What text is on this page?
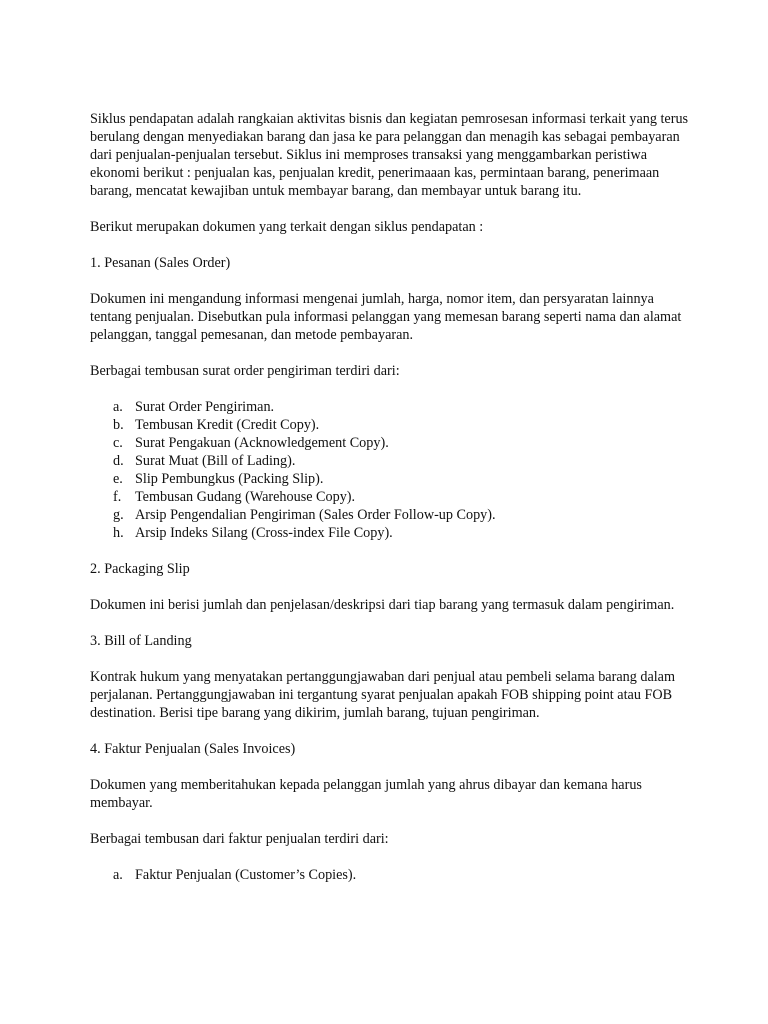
Siklus pendapatan adalah rangkaian aktivitas bisnis dan kegiatan pemrosesan informasi terkait yang terus berulang dengan menyediakan barang dan jasa ke para pelanggan dan menagih kas sebagai pembayaran dari penjualan-penjualan tersebut. Siklus ini memproses transaksi yang menggambarkan peristiwa ekonomi berikut : penjualan kas, penjualan kredit, penerimaaan kas, permintaan barang, penerimaan barang, mencatat kewajiban untuk membayar barang, dan membayar untuk barang itu.

Berikut merupakan dokumen yang terkait dengan siklus pendapatan :

1. Pesanan (Sales Order)

Dokumen ini mengandung informasi mengenai jumlah, harga, nomor item, dan persyaratan lainnya tentang penjualan. Disebutkan pula informasi pelanggan yang memesan barang seperti nama dan alamat pelanggan, tanggal pemesanan, dan metode pembayaran.

Berbagai tembusan surat order pengiriman terdiri dari:

a. Surat Order Pengiriman.
b. Tembusan Kredit (Credit Copy).
c. Surat Pengakuan (Acknowledgement Copy).
d. Surat Muat (Bill of Lading).
e. Slip Pembungkus (Packing Slip).
f. Tembusan Gudang (Warehouse Copy).
g. Arsip Pengendalian Pengiriman (Sales Order Follow-up Copy).
h. Arsip Indeks Silang (Cross-index File Copy).

2. Packaging Slip

Dokumen ini berisi jumlah dan penjelasan/deskripsi dari tiap barang yang termasuk dalam pengiriman.

3. Bill of Landing

Kontrak hukum yang menyatakan pertanggungjawaban dari penjual atau pembeli selama barang dalam perjalanan. Pertanggungjawaban ini tergantung syarat penjualan apakah FOB shipping point atau FOB destination. Berisi tipe barang yang dikirim, jumlah barang, tujuan pengiriman.

4. Faktur Penjualan (Sales Invoices)

Dokumen yang memberitahukan kepada pelanggan jumlah yang ahrus dibayar dan kemana harus membayar.

Berbagai tembusan dari faktur penjualan terdiri dari:

a. Faktur Penjualan (Customer’s Copies).
